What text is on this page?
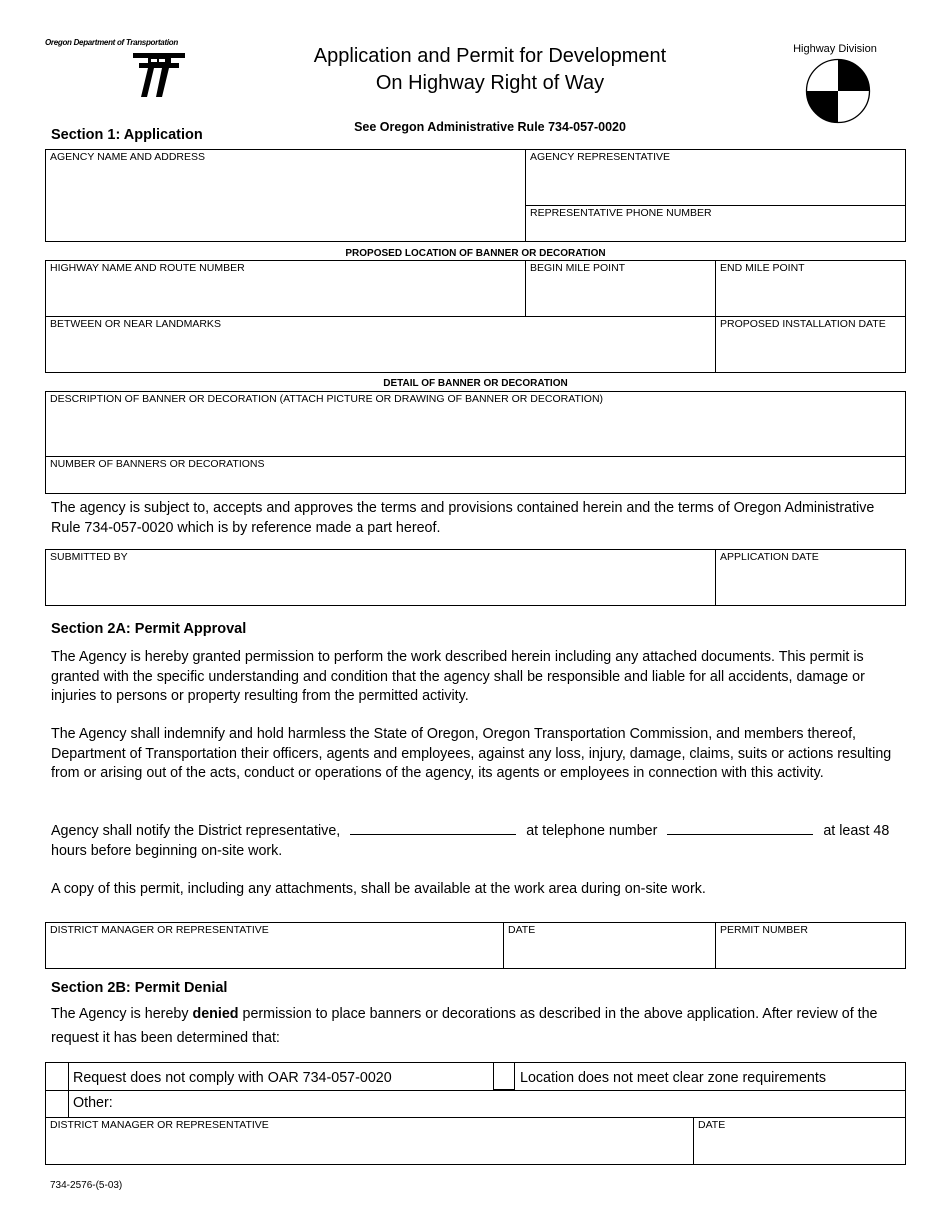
Oregon Department of Transportation
Application and Permit for Development
On Highway Right of Way
Highway Division
See Oregon Administrative Rule 734-057-0020
Section 1: Application
AGENCY NAME AND ADDRESS	AGENCY REPRESENTATIVE
REPRESENTATIVE PHONE NUMBER
PROPOSED LOCATION OF BANNER OR DECORATION
HIGHWAY NAME AND ROUTE NUMBER	BEGIN MILE POINT	END MILE POINT
BETWEEN OR NEAR LANDMARKS	PROPOSED INSTALLATION DATE
DETAIL OF BANNER OR DECORATION
DESCRIPTION OF BANNER OR DECORATION (ATTACH PICTURE OR DRAWING OF BANNER OR DECORATION)
NUMBER OF BANNERS OR DECORATIONS
The agency is subject to, accepts and approves the terms and provisions contained herein and the terms of Oregon Administrative Rule 734-057-0020 which is by reference made a part hereof.
SUBMITTED BY	APPLICATION DATE
Section 2A: Permit Approval
The Agency is hereby granted permission to perform the work described herein including any attached documents. This permit is granted with the specific understanding and condition that the agency shall be responsible and liable for all accidents, damage or injuries to persons or property resulting from the permitted activity.
The Agency shall indemnify and hold harmless the State of Oregon, Oregon Transportation Commission, and members thereof, Department of Transportation their officers, agents and employees, against any loss, injury, damage, claims, suits or actions resulting from or arising out of the acts, conduct or operations of the agency, its agents or employees in connection with this activity.
Agency shall notify the District representative,	at telephone number	at least 48 hours before beginning on-site work.
A copy of this permit, including any attachments, shall be available at the work area during on-site work.
DISTRICT MANAGER OR REPRESENTATIVE	DATE	PERMIT NUMBER
Section 2B: Permit Denial
The Agency is hereby denied permission to place banners or decorations as described in the above application. After review of the request it has been determined that:
Request does not comply with OAR 734-057-0020	Location does not meet clear zone requirements
Other:
DISTRICT MANAGER OR REPRESENTATIVE	DATE
734-2576-(5-03)
